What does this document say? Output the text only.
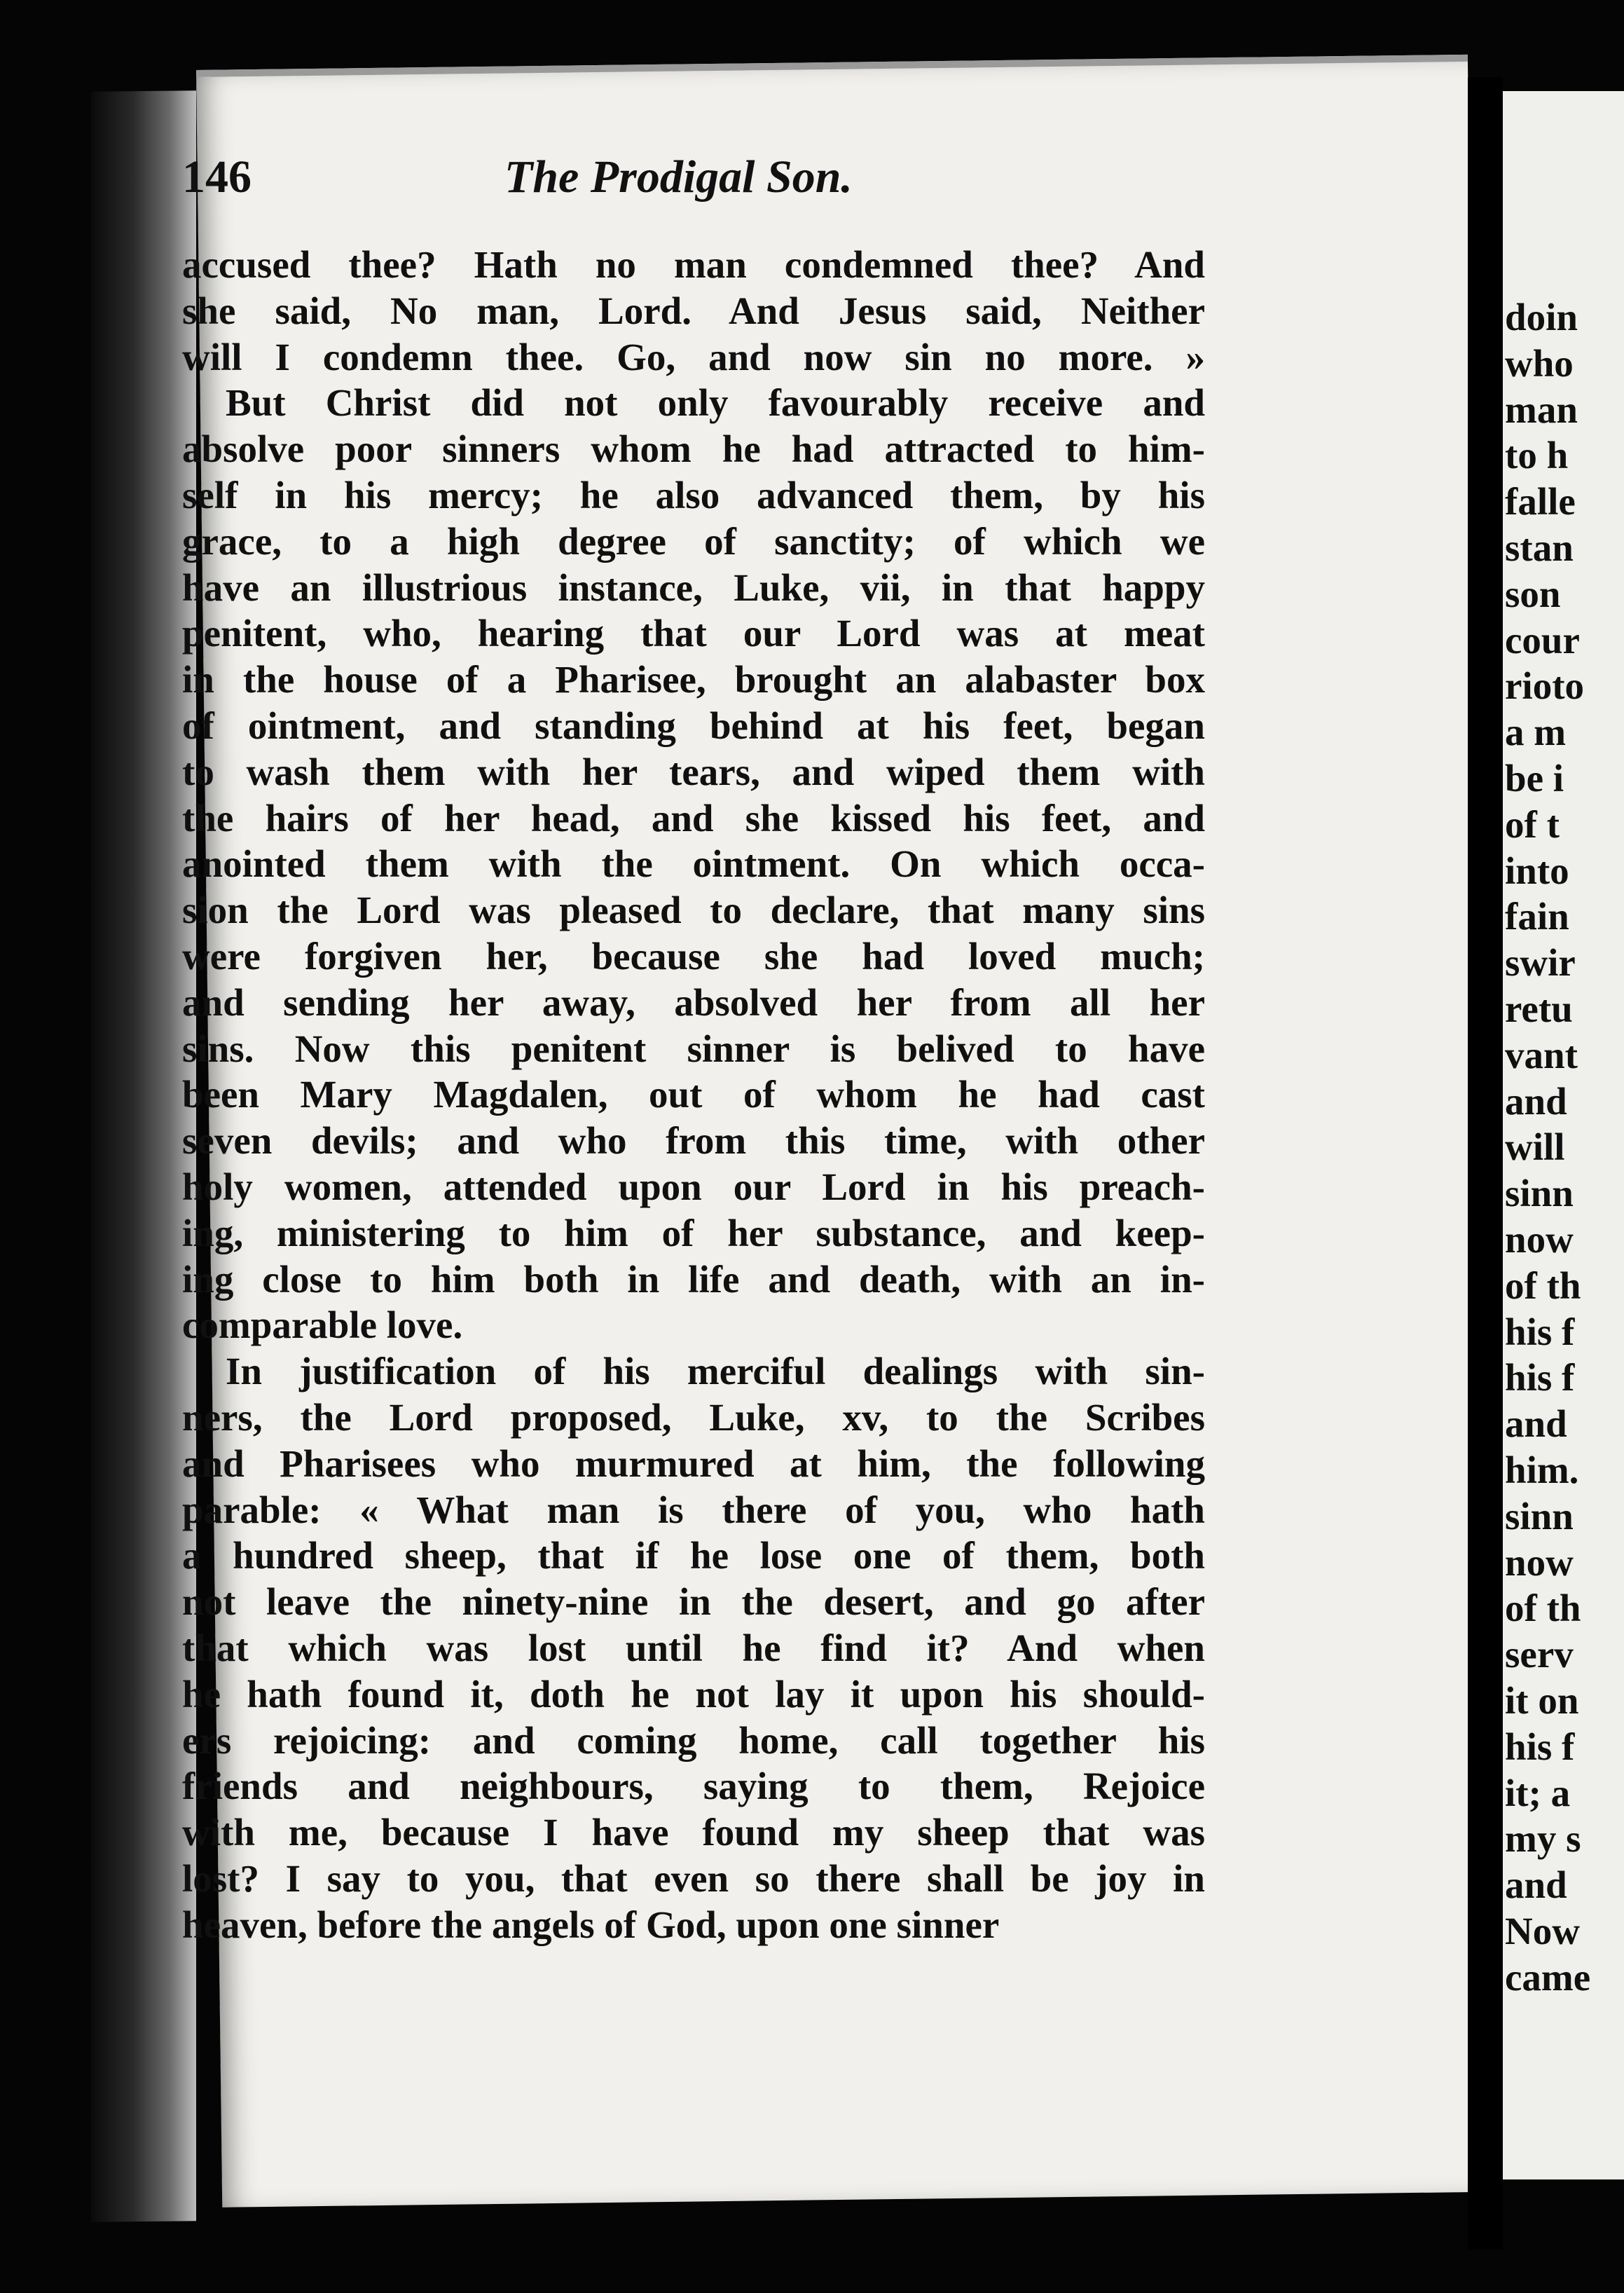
146	The Prodigal Son.
accused thee? Hath no man condemned thee? And
she said, No man, Lord. And Jesus said, Neither
will I condemn thee. Go, and now sin no more. »
But Christ did not only favourably receive and
absolve poor sinners whom he had attracted to him-
self in his mercy; he also advanced them, by his
grace, to a high degree of sanctity; of which we
have an illustrious instance, Luke, vii, in that happy
penitent, who, hearing that our Lord was at meat
in the house of a Pharisee, brought an alabaster box
of ointment, and standing behind at his feet, began
to wash them with her tears, and wiped them with
the hairs of her head, and she kissed his feet, and
anointed them with the ointment. On which occa-
sion the Lord was pleased to declare, that many sins
were forgiven her, because she had loved much;
and sending her away, absolved her from all her
sins. Now this penitent sinner is belived to have
been Mary Magdalen, out of whom he had cast
seven devils; and who from this time, with other
holy women, attended upon our Lord in his preach-
ing, ministering to him of her substance, and keep-
ing close to him both in life and death, with an in-
comparable love.
In justification of his merciful dealings with sin-
ners, the Lord proposed, Luke, xv, to the Scribes
and Pharisees who murmured at him, the following
parable: « What man is there of you, who hath
a hundred sheep, that if he lose one of them, both
not leave the ninety-nine in the desert, and go after
that which was lost until he find it? And when
he hath found it, doth he not lay it upon his should-
ers rejoicing: and coming home, call together his
friends and neighbours, saying to them, Rejoice
with me, because I have found my sheep that was
lost? I say to you, that even so there shall be joy in
heaven, before the angels of God, upon one sinner
doin
who
man
to h
falle
stan
son
cour
rioto
a m
be i
of t
into
fain
swir
retu
vant
and
will
sinn
now
of th
his f
his f
and
him.
sinn
now
of th
serv
it on
his f
it; a
my s
and
Now
came
